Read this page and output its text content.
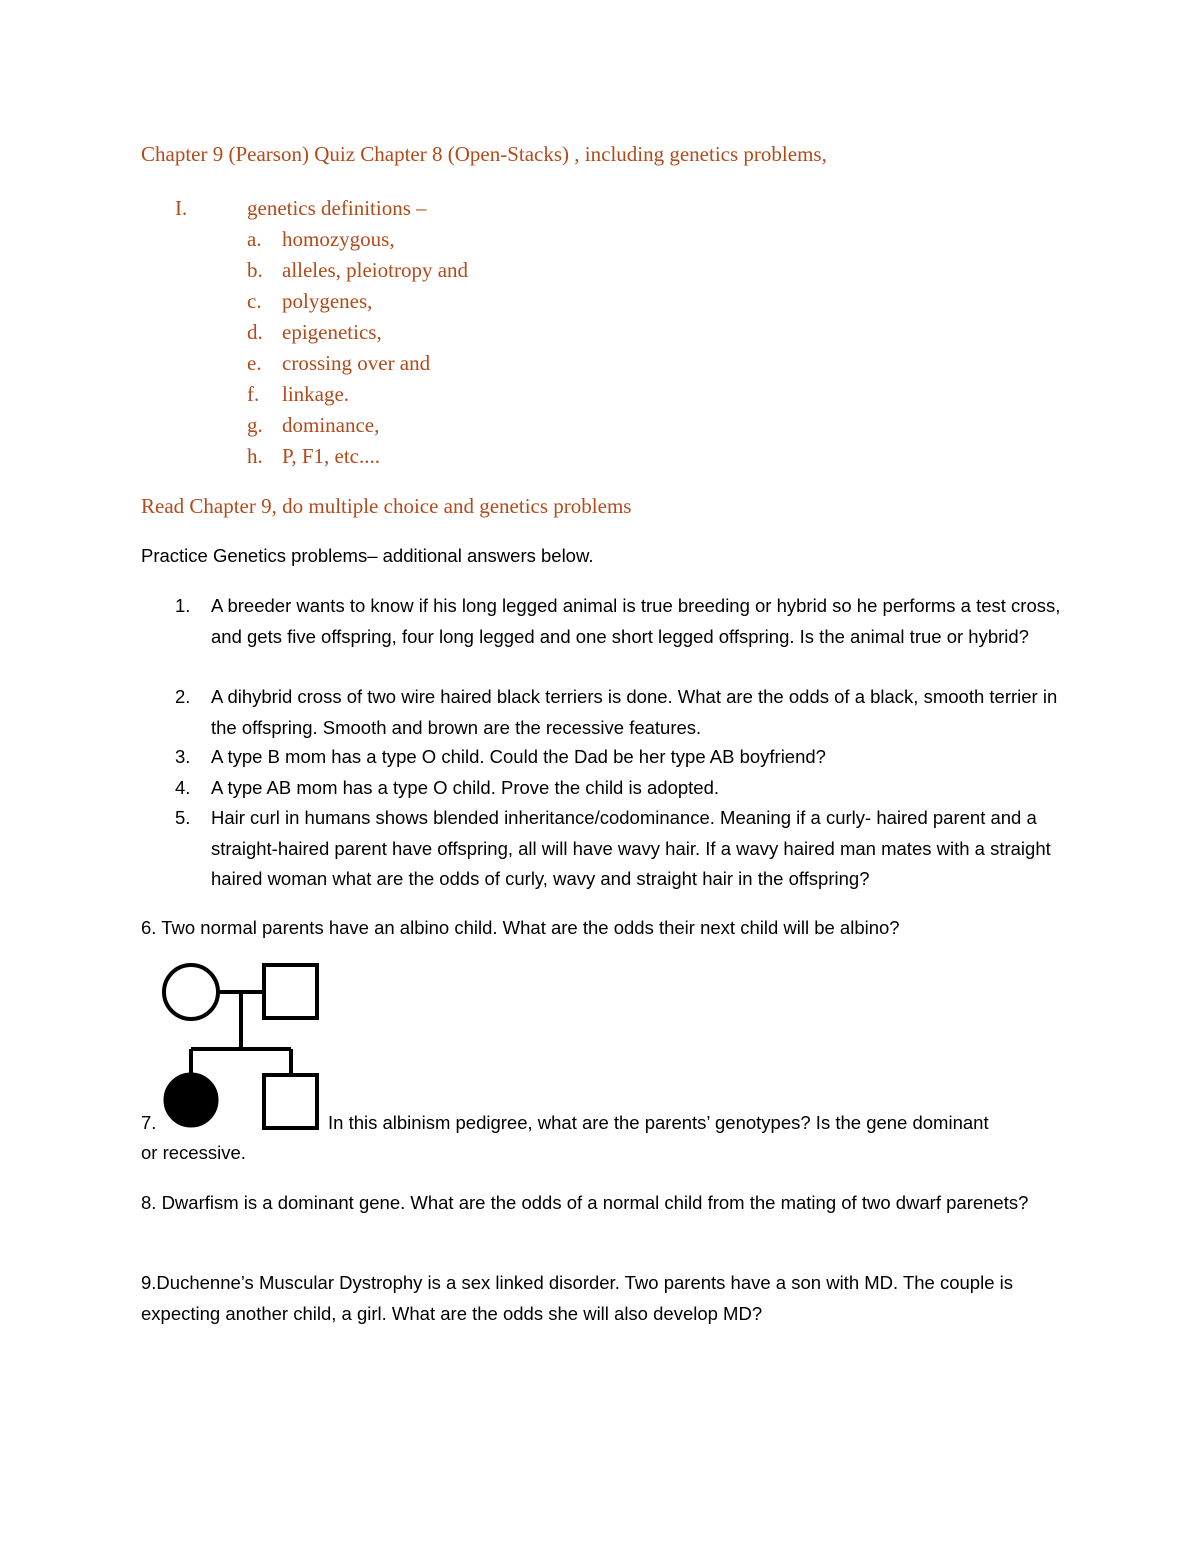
Chapter 9 (Pearson) Quiz Chapter 8 (Open-Stacks) , including genetics problems,
I.	genetics definitions –
a. homozygous,
b. alleles, pleiotropy and
c. polygenes,
d. epigenetics,
e. crossing over and
f. linkage.
g. dominance,
h. P, F1, etc....
Read Chapter 9, do multiple choice and genetics problems
Practice Genetics problems– additional answers below.
1.	A breeder wants to know if his long legged animal is true breeding or hybrid so he performs a test cross, and gets five offspring, four long legged and one short legged offspring. Is the animal true or hybrid?
2.	A dihybrid cross of two wire haired black terriers is done. What are the odds of a black, smooth terrier in the offspring. Smooth and brown are the recessive features.
3.	A type B mom has a type O child. Could the Dad be her type AB boyfriend?
4.	A type AB mom has a type O child. Prove the child is adopted.
5.	Hair curl in humans shows blended inheritance/codominance. Meaning if a curly- haired parent and a straight-haired parent have offspring, all will have wavy hair. If a wavy haired man mates with a straight haired woman what are the odds of curly, wavy and straight hair in the offspring?
6. Two normal parents have an albino child. What are the odds their next child will be albino?
7.	In this albinism pedigree, what are the parents’ genotypes? Is the gene dominant
or recessive.
8. Dwarfism is a dominant gene. What are the odds of a normal child from the mating of two dwarf parenets?
9.Duchenne’s Muscular Dystrophy is a sex linked disorder. Two parents have a son with MD. The couple is expecting another child, a girl. What are the odds she will also develop MD?
